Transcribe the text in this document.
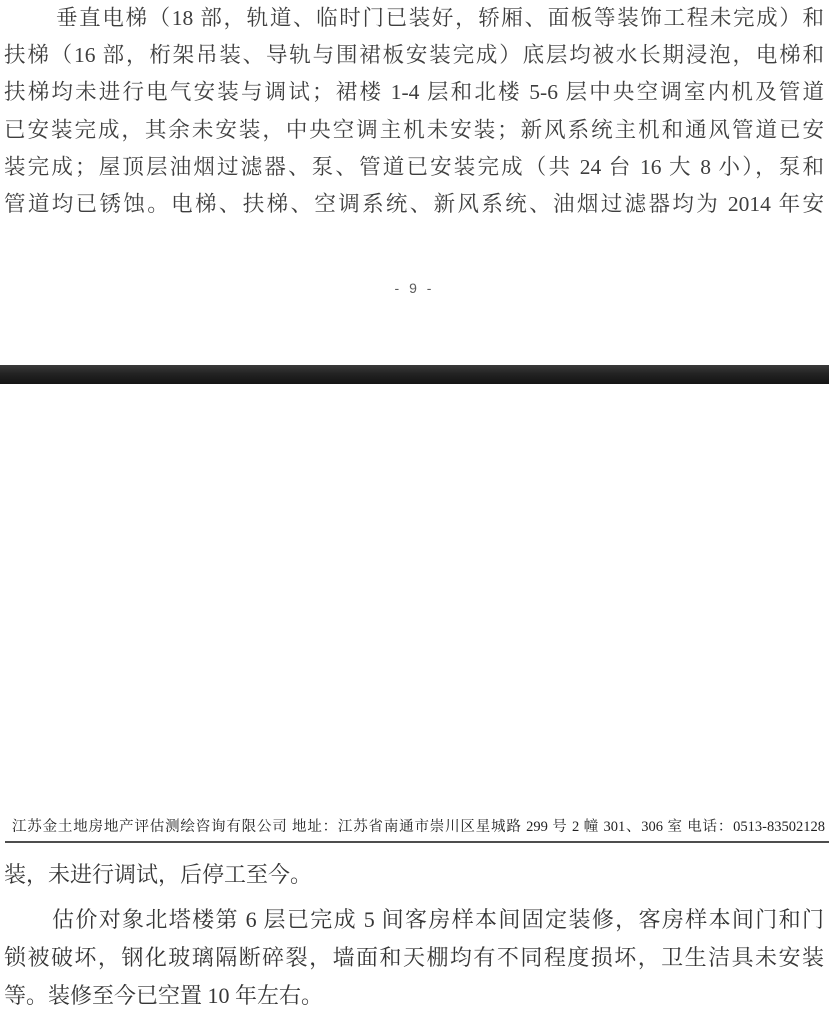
垂直电梯（18 部，轨道、临时门已装好，轿厢、面板等装饰工程未完成）和
扶梯（16 部，桁架吊装、导轨与围裙板安装完成）底层均被水长期浸泡，电梯和
扶梯均未进行电气安装与调试；裙楼 1-4 层和北楼 5-6 层中央空调室内机及管道
已安装完成，其余未安装，中央空调主机未安装；新风系统主机和通风管道已安
装完成；屋顶层油烟过滤器、泵、管道已安装完成（共 24 台 16 大 8 小），泵和
管道均已锈蚀。电梯、扶梯、空调系统、新风系统、油烟过滤器均为 2014 年安
- 9 -
江苏金土地房地产评估测绘咨询有限公司 地址：江苏省南通市崇川区星城路 299 号 2 幢 301、306 室 电话：0513-83502128
装，未进行调试，后停工至今。
估价对象北塔楼第 6 层已完成 5 间客房样本间固定装修，客房样本间门和门
锁被破坏，钢化玻璃隔断碎裂，墙面和天棚均有不同程度损坏，卫生洁具未安装
等。装修至今已空置 10 年左右。
